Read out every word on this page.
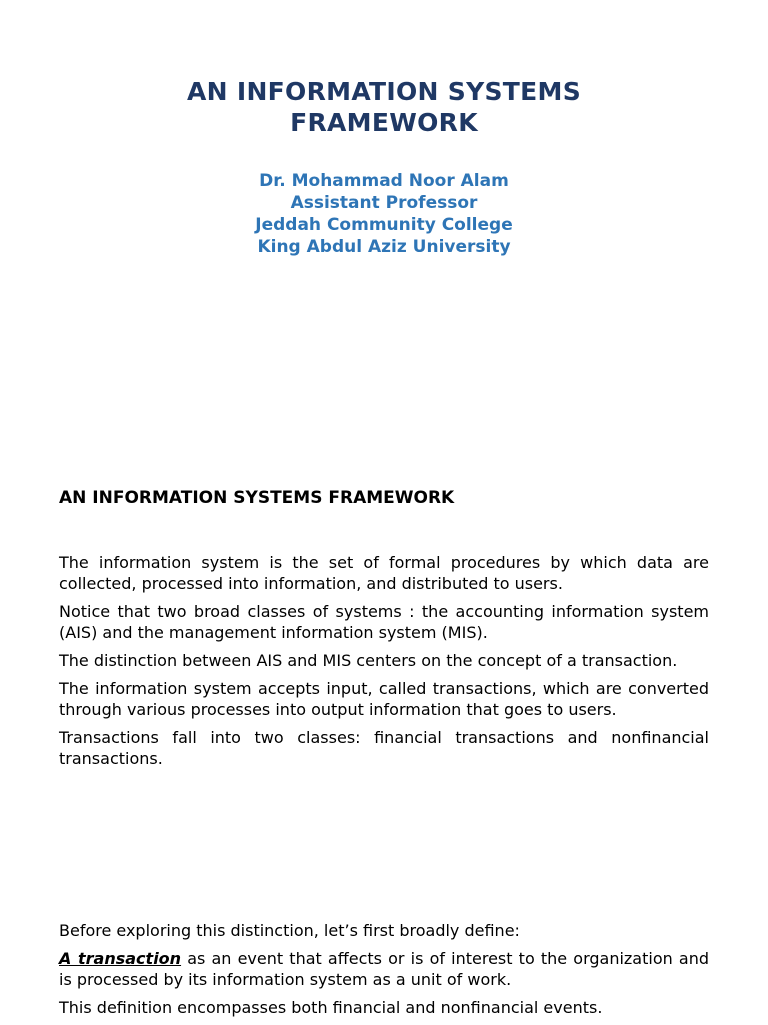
AN INFORMATION SYSTEMS
FRAMEWORK
Dr. Mohammad Noor Alam
Assistant Professor
Jeddah Community College
King Abdul Aziz University
AN INFORMATION SYSTEMS FRAMEWORK

The information system is the set of formal procedures by which data are collected, processed into information, and distributed to users.

Notice that two broad classes of systems : the accounting information system (AIS) and the management information system (MIS).

The distinction between AIS and MIS centers on the concept of a transaction.

The information system accepts input, called transactions, which are converted through various processes into output information that goes to users.

Transactions fall into two classes: financial transactions and nonfinancial transactions.

Before exploring this distinction, let’s first broadly define:

A transaction as an event that affects or is of interest to the organization and is processed by its information system as a unit of work.

This definition encompasses both financial and nonfinancial events.
